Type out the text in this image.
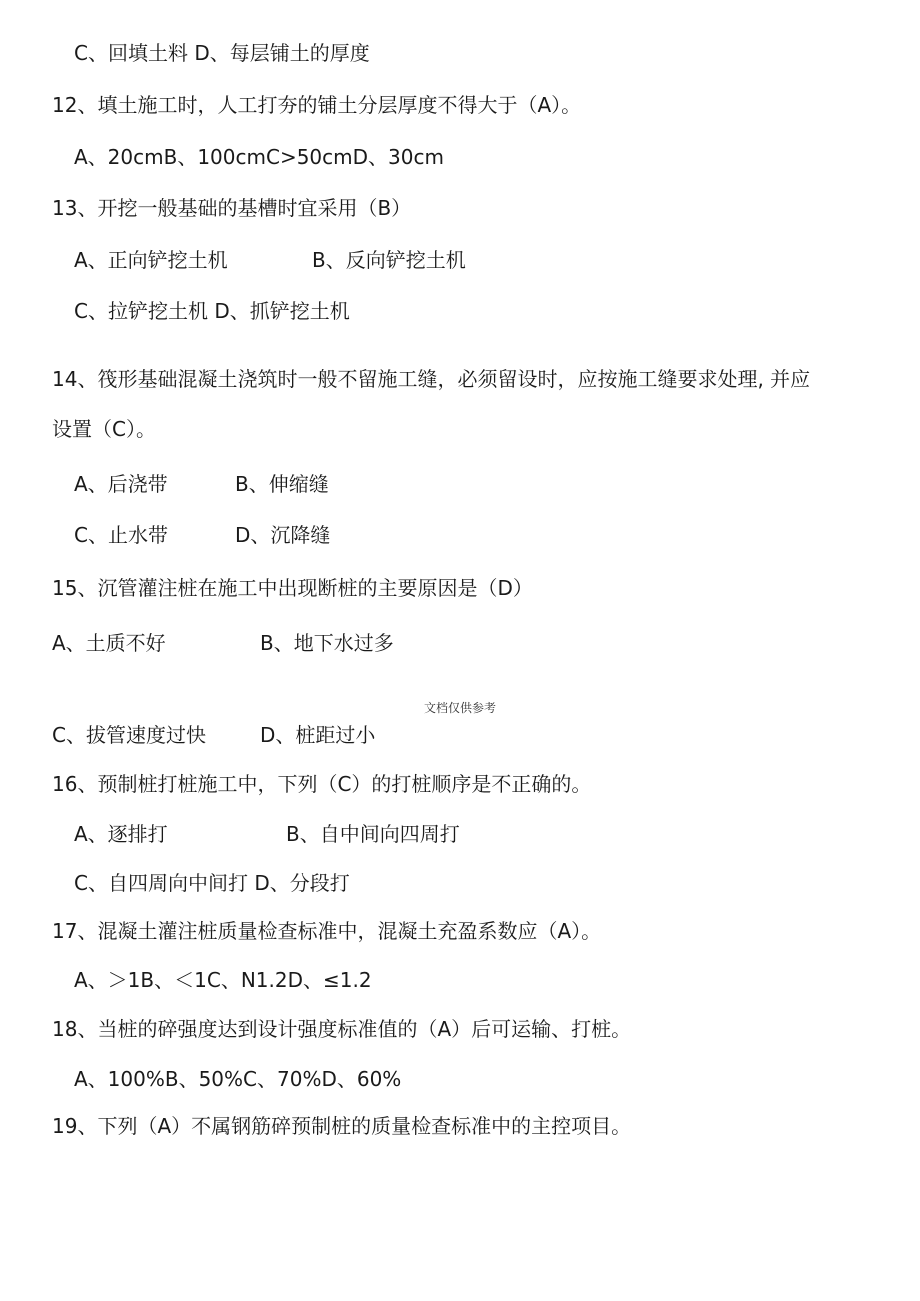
C、回填土料 D、每层铺土的厚度
12、填土施工时，人工打夯的铺土分层厚度不得大于（A）。
A、20cmB、100cmC>50cmD、30cm
13、开挖一般基础的基槽时宜采用（B）
A、正向铲挖土机	B、反向铲挖土机
C、拉铲挖土机 D、抓铲挖土机
14、筏形基础混凝土浇筑时一般不留施工缝，必须留设时，应按施工缝要求处理, 并应
设置（C）。
A、后浇带	B、伸缩缝
C、止水带	D、沉降缝
15、沉管灌注桩在施工中出现断桩的主要原因是（D）
A、土质不好	B、地下水过多
文档仅供参考
C、拔管速度过快	D、桩距过小
16、预制桩打桩施工中，下列（C）的打桩顺序是不正确的。
A、逐排打	B、自中间向四周打
C、自四周向中间打 D、分段打
17、混凝土灌注桩质量检查标准中，混凝土充盈系数应（A）。
A、＞1B、＜1C、N1.2D、≤1.2
18、当桩的碎强度达到设计强度标准值的（A）后可运输、打桩。
A、100%B、50%C、70%D、60%
19、下列（A）不属钢筋碎预制桩的质量检查标准中的主控项目。
